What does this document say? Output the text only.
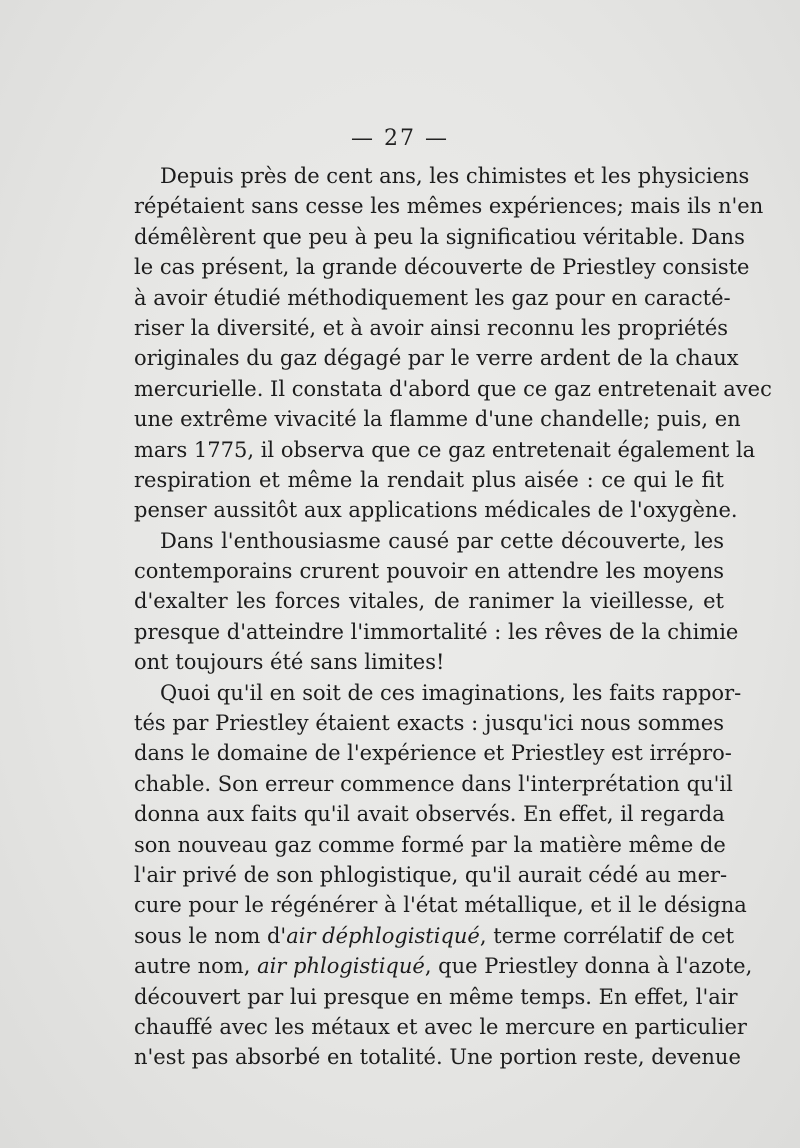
— 27 —
Depuis près de cent ans, les chimistes et les physiciens
répétaient sans cesse les mêmes expériences; mais ils n'en
démêlèrent que peu à peu la significatiou véritable. Dans
le cas présent, la grande découverte de Priestley consiste
à avoir étudié méthodiquement les gaz pour en caracté-
riser la diversité, et à avoir ainsi reconnu les propriétés
originales du gaz dégagé par le verre ardent de la chaux
mercurielle. Il constata d'abord que ce gaz entretenait avec
une extrême vivacité la flamme d'une chandelle; puis, en
mars 1775, il observa que ce gaz entretenait également la
respiration et même la rendait plus aisée : ce qui le fit
penser aussitôt aux applications médicales de l'oxygène.
Dans l'enthousiasme causé par cette découverte, les
contemporains crurent pouvoir en attendre les moyens
d'exalter les forces vitales, de ranimer la vieillesse, et
presque d'atteindre l'immortalité : les rêves de la chimie
ont toujours été sans limites!
Quoi qu'il en soit de ces imaginations, les faits rappor-
tés par Priestley étaient exacts : jusqu'ici nous sommes
dans le domaine de l'expérience et Priestley est irrépro-
chable. Son erreur commence dans l'interprétation qu'il
donna aux faits qu'il avait observés. En effet, il regarda
son nouveau gaz comme formé par la matière même de
l'air privé de son phlogistique, qu'il aurait cédé au mer-
cure pour le régénérer à l'état métallique, et il le désigna
sous le nom d'air déphlogistiqué, terme corrélatif de cet
autre nom, air phlogistiqué, que Priestley donna à l'azote,
découvert par lui presque en même temps. En effet, l'air
chauffé avec les métaux et avec le mercure en particulier
n'est pas absorbé en totalité. Une portion reste, devenue
